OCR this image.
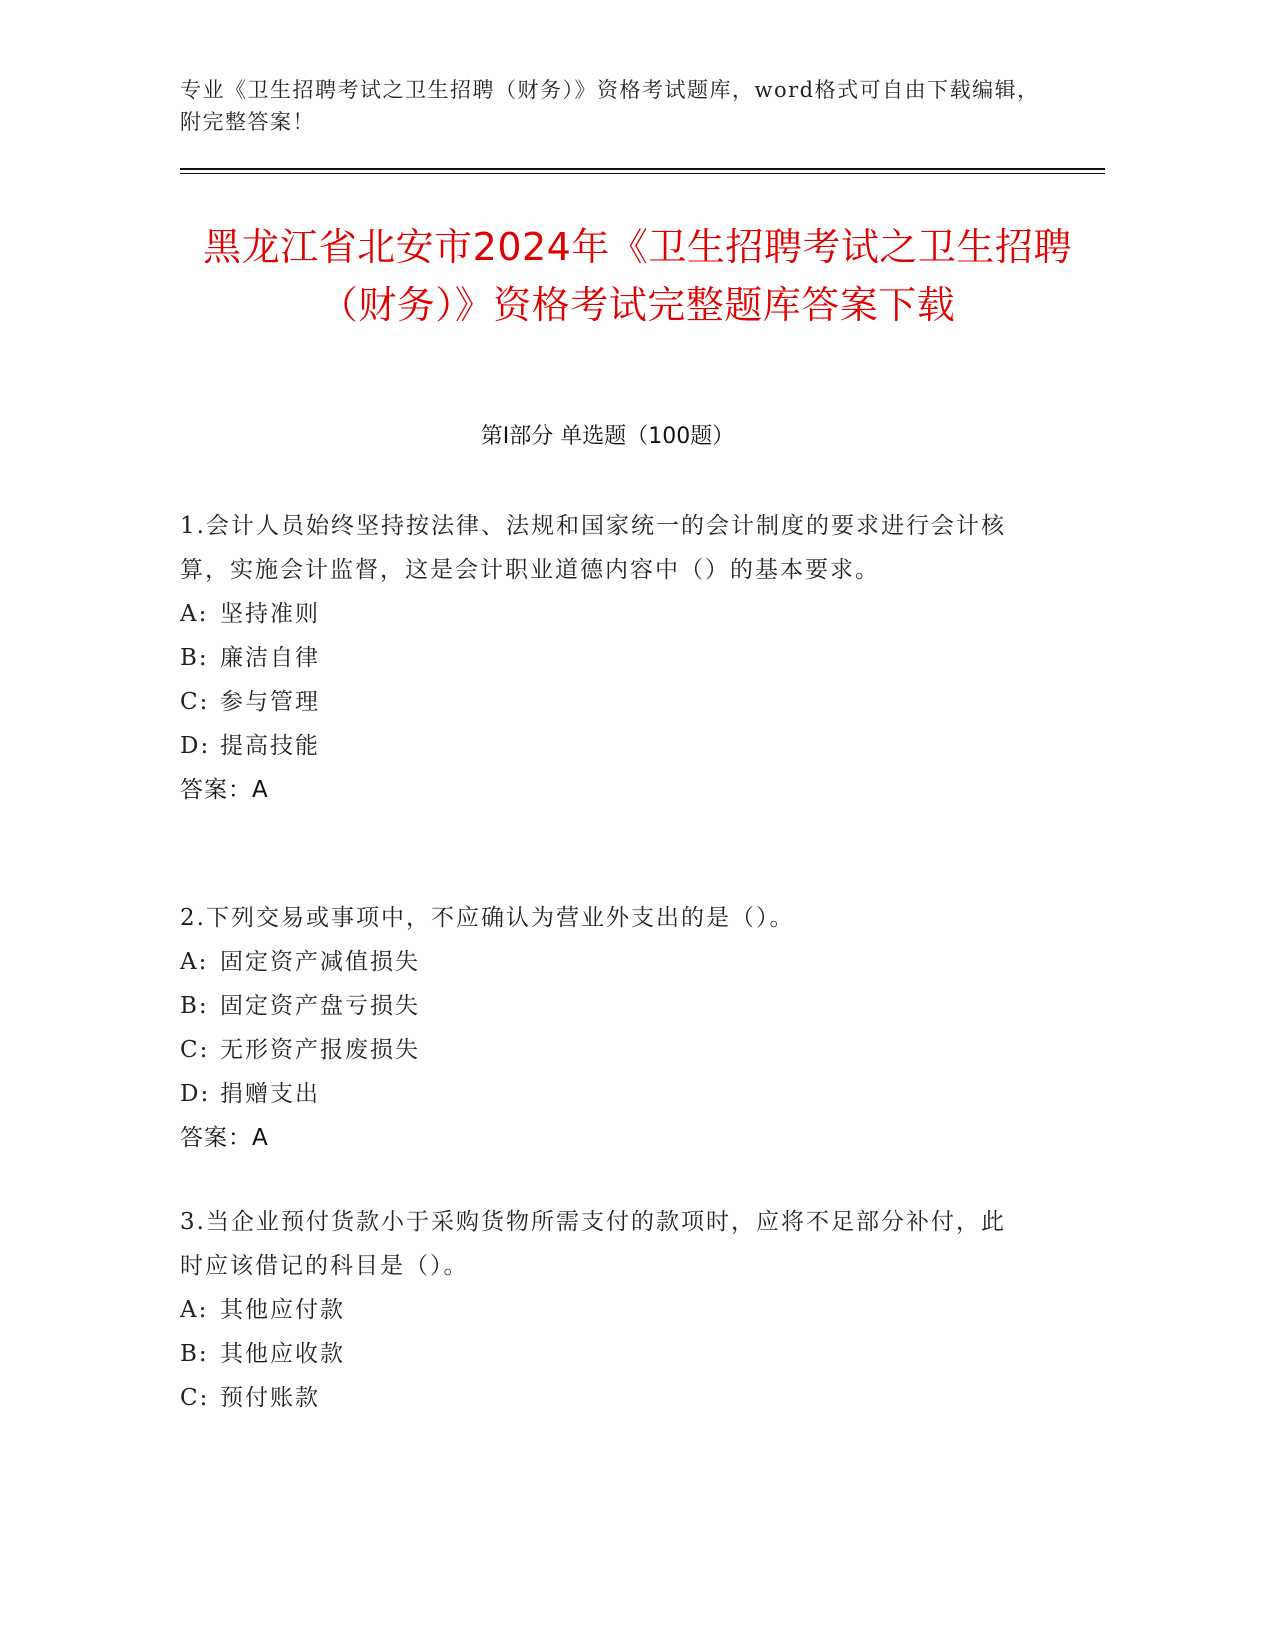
专业《卫生招聘考试之卫生招聘（财务）》资格考试题库，word格式可自由下载编辑，附完整答案！
黑龙江省北安市2024年《卫生招聘考试之卫生招聘（财务）》资格考试完整题库答案下载
第Ⅰ部分 单选题（100题）
1.会计人员始终坚持按法律、法规和国家统一的会计制度的要求进行会计核算，实施会计监督，这是会计职业道德内容中（）的基本要求。
A: 坚持准则
B: 廉洁自律
C: 参与管理
D: 提高技能
答案：A
2.下列交易或事项中，不应确认为营业外支出的是（）。
A: 固定资产减值损失
B: 固定资产盘亏损失
C: 无形资产报废损失
D: 捐赠支出
答案：A
3.当企业预付货款小于采购货物所需支付的款项时，应将不足部分补付，此时应该借记的科目是（）。
A: 其他应付款
B: 其他应收款
C: 预付账款
